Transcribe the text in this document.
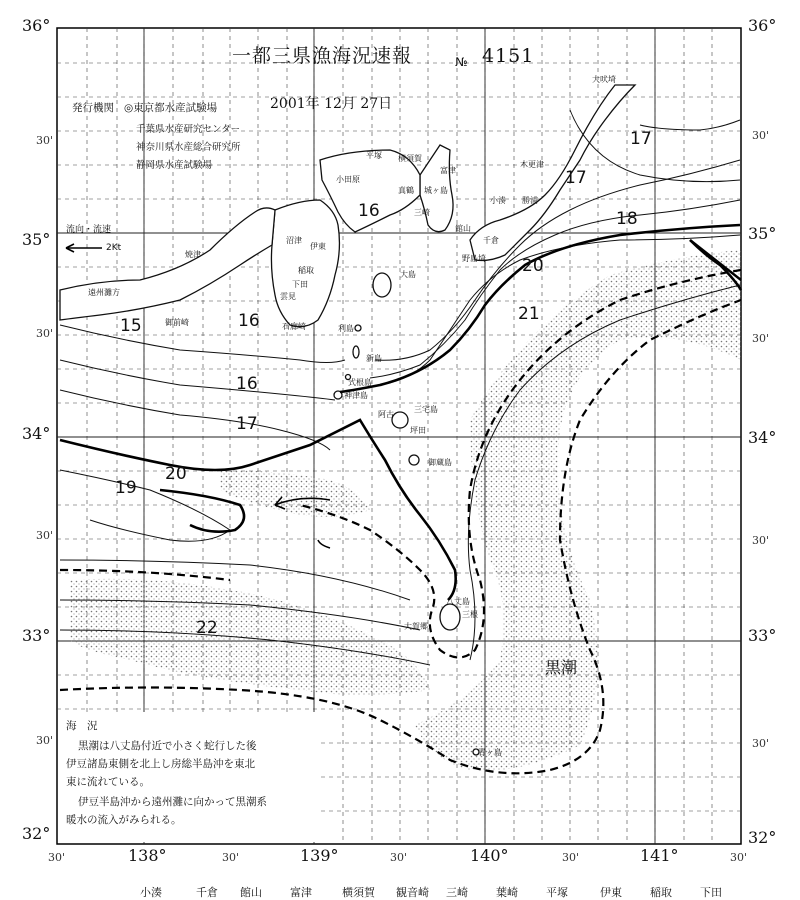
一都三県漁海況速報	№ 4151
2001年 12月 27日
発行機関 ◎東京都水産試験場
千葉県水産研究センター
神奈川県水産総合研究所
静岡県水産試験場
流向・流速
2Kt
36°
30'
35°
30'
34°
30'
33°
30'
32°
36°
30'
35°
30'
34°
30'
33°
30'
32°
30'	138°	30'	139°	30'	140°	30'	141°	30'
15	16
16
16
17
17
17
18
19
20
20
21
22
大吠埼
木更津
勝浦
小湊
館山
千倉
野島埼
平塚 横須賀
富津
小田原
真鶴 城ヶ島
三崎
沼津
伊東
稲取
下田
雲見
石廊崎
大島
利島
新島
式根島
神津島
三宅島
阿古
坪田
御蔵島
八丈島
大賀郷
三根
青ヶ島
焼津
御前崎
遠州灘方
黒潮
海　況
黒潮は八丈島付近で小さく蛇行した後
伊豆諸島東側を北上し房総半島沖を東北
東に流れている。
伊豆半島沖から遠州灘に向かって黒潮系
暖水の流入がみられる。
小湊	千倉 館山	富津	横須賀 観音崎 三崎	葉崎	平塚	伊東	稲取	下田
